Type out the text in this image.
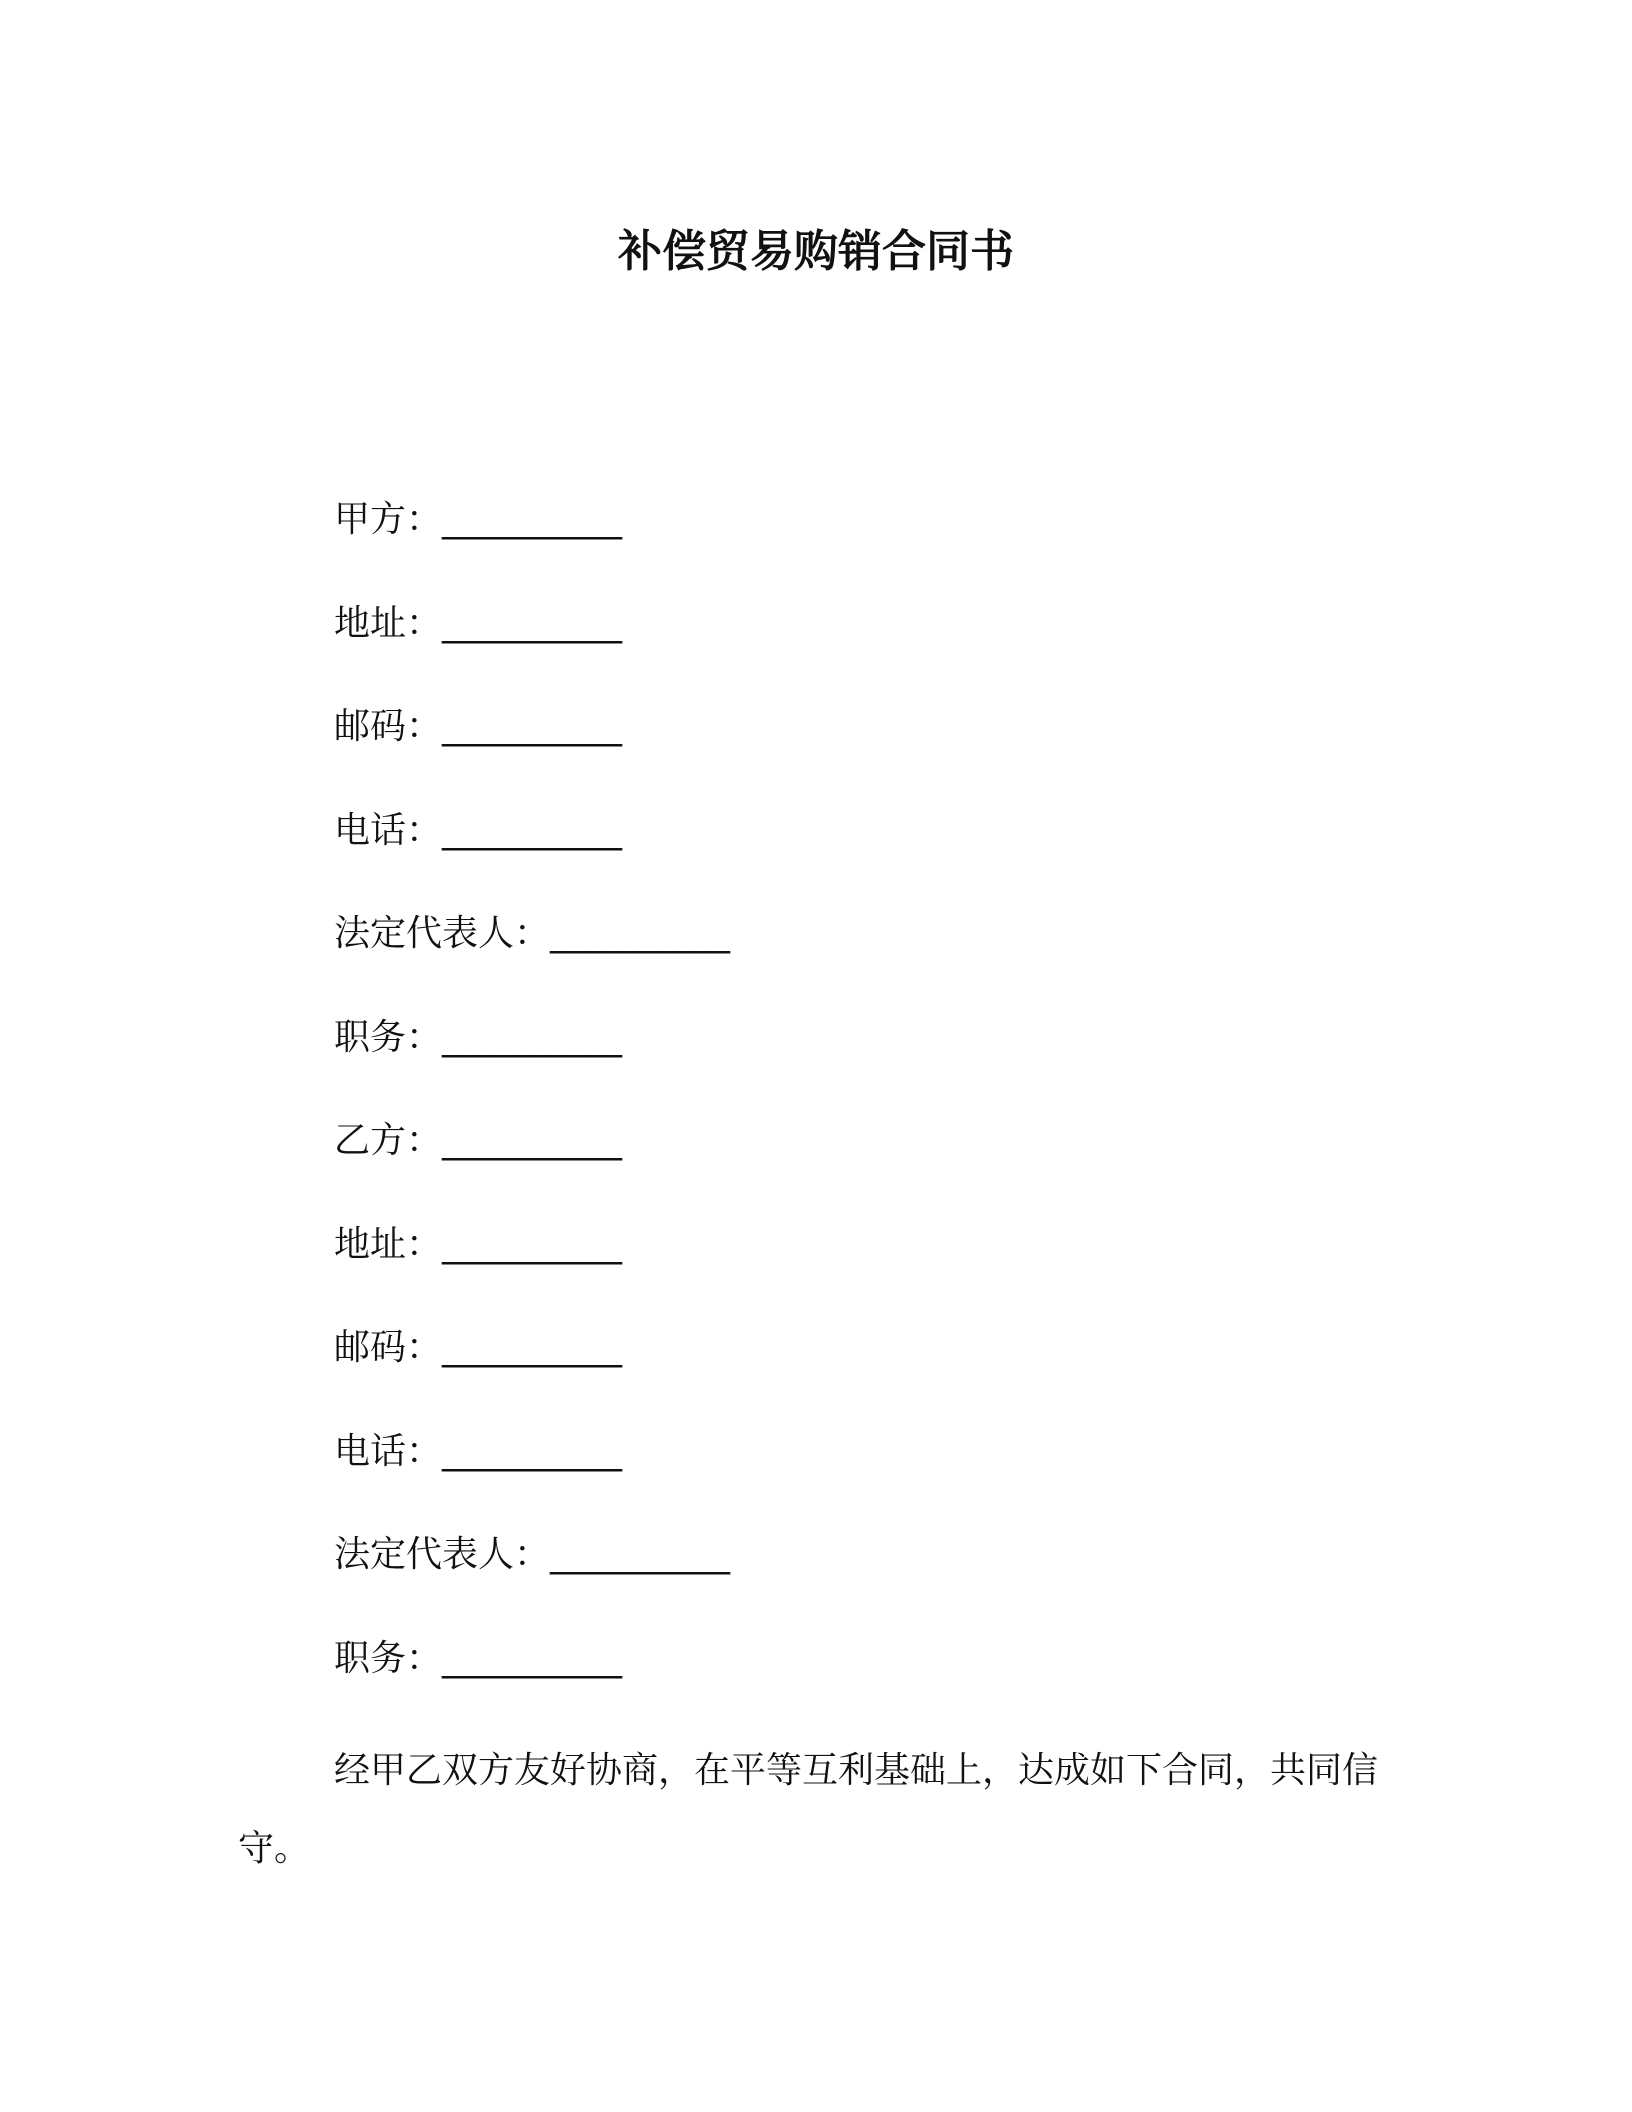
补偿贸易购销合同书
甲方：__________
地址：__________
邮码：__________
电话：__________
法定代表人：__________
职务：__________
乙方：__________
地址：__________
邮码：__________
电话：__________
法定代表人：__________
职务：__________
经甲乙双方友好协商，在平等互利基础上，达成如下合同，共同信守。
